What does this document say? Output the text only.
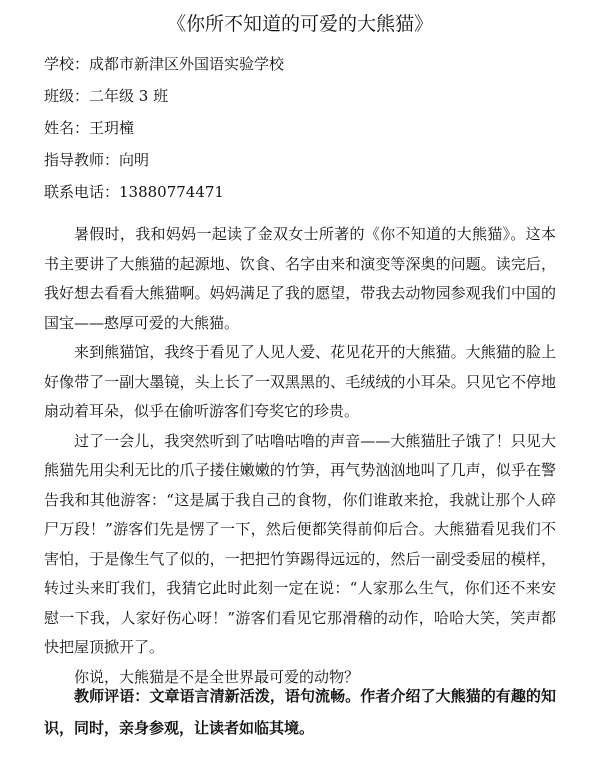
《你所不知道的可爱的大熊猫》
学校：成都市新津区外国语实验学校
班级：二年级 3 班
姓名：王玥橦
指导教师：向明
联系电话：13880774471

暑假时，我和妈妈一起读了金双女士所著的《你不知道的大熊猫》。这本书主要讲了大熊猫的起源地、饮食、名字由来和演变等深奥的问题。读完后，我好想去看看大熊猫啊。妈妈满足了我的愿望，带我去动物园参观我们中国的国宝——憨厚可爱的大熊猫。

来到熊猫馆，我终于看见了人见人爱、花见花开的大熊猫。大熊猫的脸上好像带了一副大墨镜，头上长了一双黑黑的、毛绒绒的小耳朵。只见它不停地扇动着耳朵，似乎在偷听游客们夸奖它的珍贵。

过了一会儿，我突然听到了咕噜咕噜的声音——大熊猫肚子饿了！只见大熊猫先用尖利无比的爪子搂住嫩嫩的竹笋，再气势汹汹地叫了几声，似乎在警告我和其他游客：“这是属于我自己的食物，你们谁敢来抢，我就让那个人碎尸万段！”游客们先是愣了一下，然后便都笑得前仰后合。大熊猫看见我们不害怕，于是像生气了似的，一把把竹笋踢得远远的，然后一副受委屈的模样，转过头来盯我们，我猜它此时此刻一定在说：“人家那么生气，你们还不来安慰一下我，人家好伤心呀！”游客们看见它那滑稽的动作，哈哈大笑，笑声都快把屋顶掀开了。

你说，大熊猫是不是全世界最可爱的动物？

教师评语：文章语言清新活泼，语句流畅。作者介绍了大熊猫的有趣的知识，同时，亲身参观，让读者如临其境。
